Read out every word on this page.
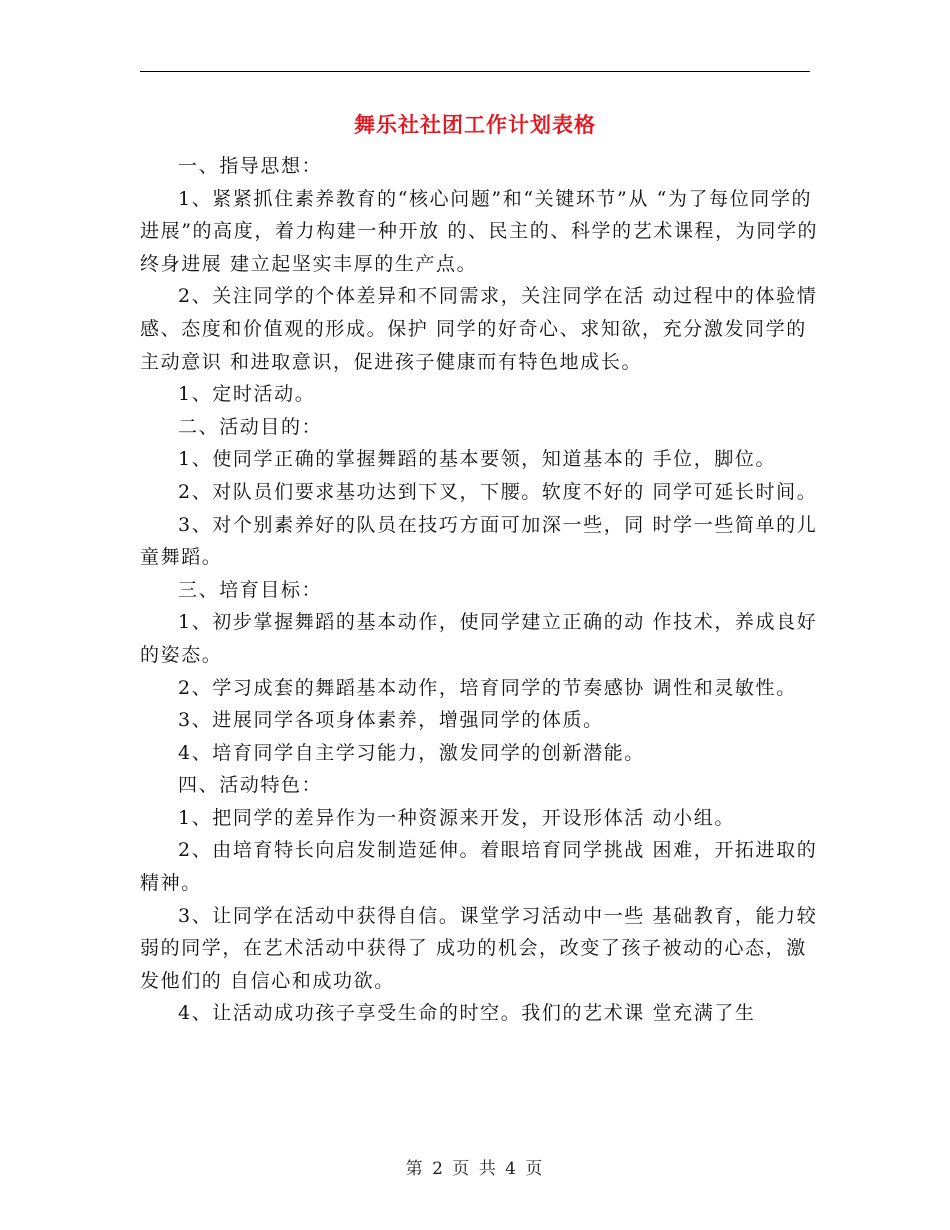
舞乐社社团工作计划表格

一、指导思想：

1、紧紧抓住素养教育的“核心问题”和“关键环节”从 “为了每位同学的进展”的高度，着力构建一种开放 的、民主的、科学的艺术课程，为同学的终身进展 建立起坚实丰厚的生产点。

2、关注同学的个体差异和不同需求，关注同学在活 动过程中的体验情感、态度和价值观的形成。保护 同学的好奇心、求知欲，充分激发同学的主动意识 和进取意识，促进孩子健康而有特色地成长。

1、定时活动。

二、活动目的：

1、使同学正确的掌握舞蹈的基本要领，知道基本的 手位，脚位。

2、对队员们要求基功达到下叉，下腰。软度不好的 同学可延长时间。

3、对个别素养好的队员在技巧方面可加深一些，同 时学一些简单的儿童舞蹈。

三、培育目标：

1、初步掌握舞蹈的基本动作，使同学建立正确的动 作技术，养成良好的姿态。

2、学习成套的舞蹈基本动作，培育同学的节奏感协 调性和灵敏性。

3、进展同学各项身体素养，增强同学的体质。

4、培育同学自主学习能力，激发同学的创新潜能。

四、活动特色：

1、把同学的差异作为一种资源来开发，开设形体活 动小组。

2、由培育特长向启发制造延伸。着眼培育同学挑战 困难，开拓进取的精神。

3、让同学在活动中获得自信。课堂学习活动中一些 基础教育，能力较弱的同学，在艺术活动中获得了 成功的机会，改变了孩子被动的心态，激发他们的 自信心和成功欲。

4、让活动成功孩子享受生命的时空。我们的艺术课 堂充满了生

第 2 页 共 4 页
